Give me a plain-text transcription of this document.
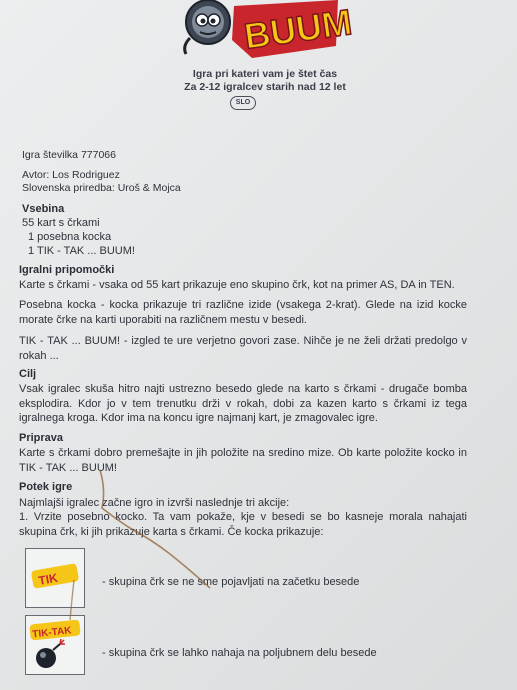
BUUM
Igra pri kateri vam je štet čas
Za 2-12 igralcev starih nad 12 let
SLO
Igra številka 777066
Avtor: Los Rodriguez
Slovenska priredba: Uroš & Mojca
Vsebina
55 kart s črkami
1 posebna kocka
1 TIK - TAK ... BUUM!
Igralni pripomočki
Karte s črkami - vsaka od 55 kart prikazuje eno skupino črk, kot na primer AS, DA in TEN.
Posebna kocka - kocka prikazuje tri različne izide (vsakega 2-krat). Glede na izid kocke morate črke na karti uporabiti na različnem mestu v besedi.
TIK - TAK ... BUUM! - izgled te ure verjetno govori zase. Nihče je ne želi držati predolgo v rokah ...
Cilj
Vsak igralec skuša hitro najti ustrezno besedo glede na karto s črkami - drugače bomba eksplodira. Kdor jo v tem trenutku drži v rokah, dobi za kazen karto s črkami iz tega igralnega kroga. Kdor ima na koncu igre najmanj kart, je zmagovalec igre.
Priprava
Karte s črkami dobro premešajte in jih položite na sredino mize. Ob karte položite kocko in TIK - TAK ... BUUM!
Potek igre
Najmlajši igralec začne igro in izvrši naslednje tri akcije:
1. Vrzite posebno kocko. Ta vam pokaže, kje v besedi se bo kasneje morala nahajati skupina črk, ki jih prikazuje karta s črkami. Če kocka prikazuje:
TIK	- skupina črk se ne sme pojavljati na začetku besede
TIK-TAK
- skupina črk se lahko nahaja na poljubnem delu besede
